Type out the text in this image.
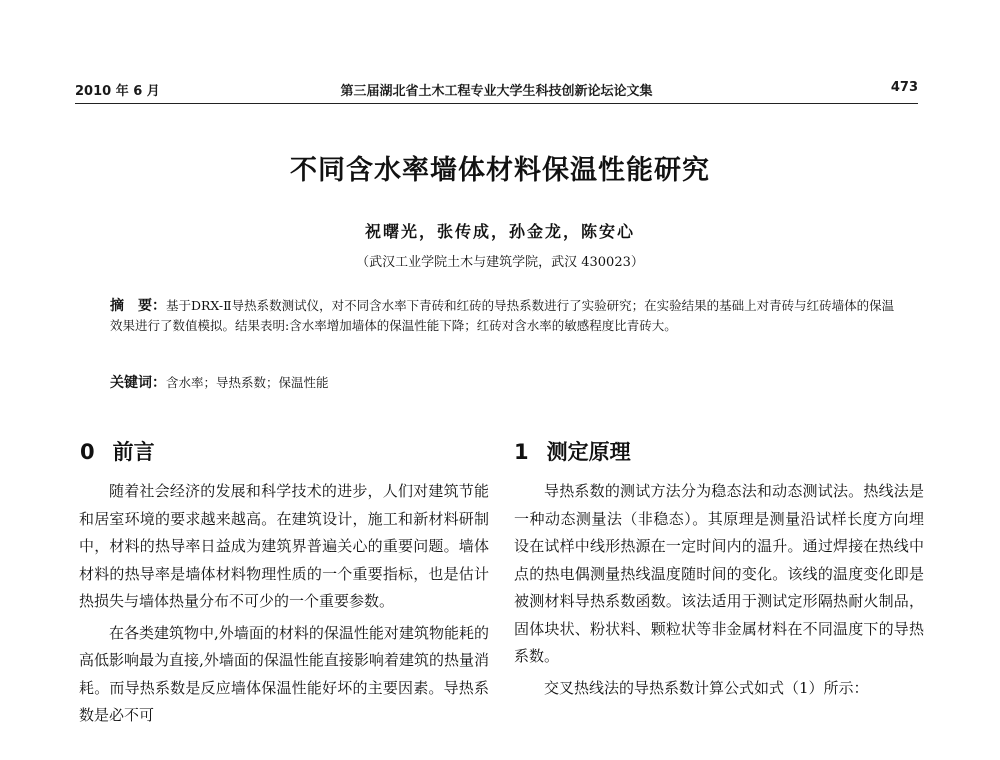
2010 年 6 月	第三届湖北省土木工程专业大学生科技创新论坛论文集	473
不同含水率墙体材料保温性能研究
祝曙光，张传成，孙金龙，陈安心
（武汉工业学院土木与建筑学院，武汉 430023）
摘　要：基于DRX-Ⅱ导热系数测试仪，对不同含水率下青砖和红砖的导热系数进行了实验研究；在实验结果的基础上对青砖与红砖墙体的保温效果进行了数值模拟。结果表明:含水率增加墙体的保温性能下降；红砖对含水率的敏感程度比青砖大。
关键词：含水率；导热系数；保温性能
0 前言	1 测定原理

随着社会经济的发展和科学技术的进步，人们对建筑节能和居室环境的要求越来越高。在建筑设计，施工和新材料研制中，材料的热导率日益成为建筑界普遍关心的重要问题。墙体材料的热导率是墙体材料物理性质的一个重要指标，也是估计热损失与墙体热量分布不可少的一个重要参数。

在各类建筑物中,外墙面的材料的保温性能对建筑物能耗的高低影响最为直接,外墙面的保温性能直接影响着建筑的热量消耗。而导热系数是反应墙体保温性能好坏的主要因素。导热系数是必不可

导热系数的测试方法分为稳态法和动态测试法。热线法是一种动态测量法（非稳态）。其原理是测量沿试样长度方向埋设在试样中线形热源在一定时间内的温升。通过焊接在热线中点的热电偶测量热线温度随时间的变化。该线的温度变化即是被测材料导热系数函数。该法适用于测试定形隔热耐火制品，固体块状、粉状料、颗粒状等非金属材料在不同温度下的导热系数。

交叉热线法的导热系数计算公式如式（1）所示：
